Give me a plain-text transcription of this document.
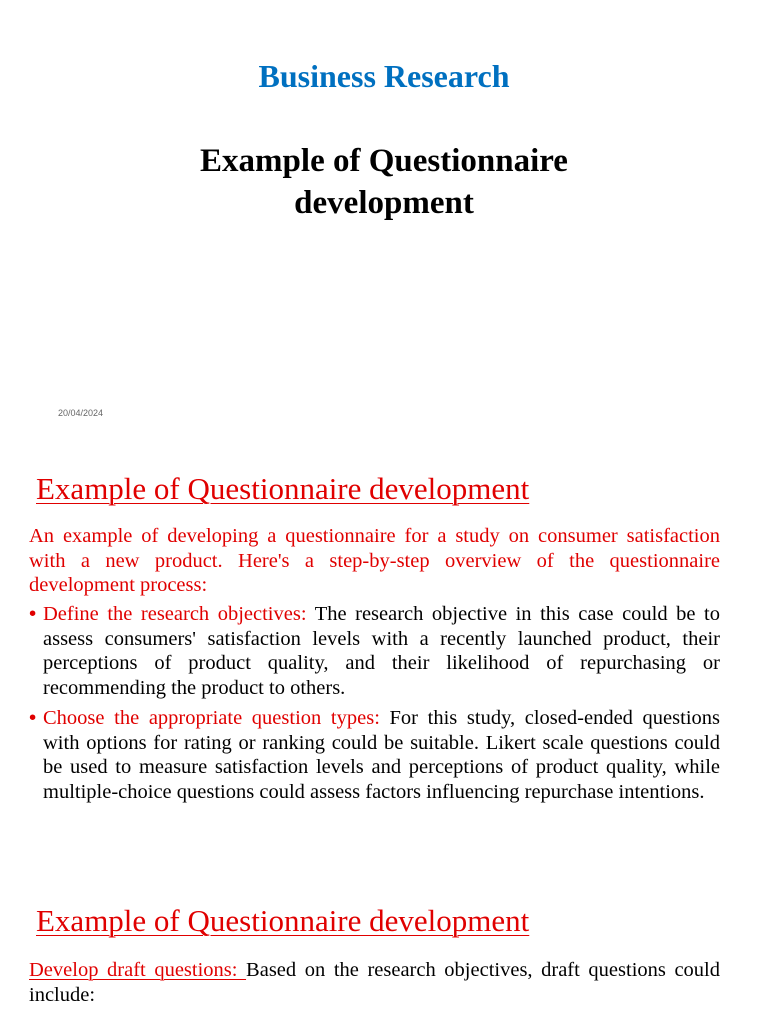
Business Research
Example of Questionnaire
development
20/04/2024
Example of Questionnaire development
An example of developing a questionnaire for a study on consumer satisfaction with a new product. Here's a step-by-step overview of the questionnaire development process:
• Define the research objectives: The research objective in this case could be to assess consumers' satisfaction levels with a recently launched product, their perceptions of product quality, and their likelihood of repurchasing or recommending the product to others.
• Choose the appropriate question types: For this study, closed-ended questions with options for rating or ranking could be suitable. Likert scale questions could be used to measure satisfaction levels and perceptions of product quality, while multiple-choice questions could assess factors influencing repurchase intentions.
Example of Questionnaire development
Develop draft questions: Based on the research objectives, draft questions could include:
